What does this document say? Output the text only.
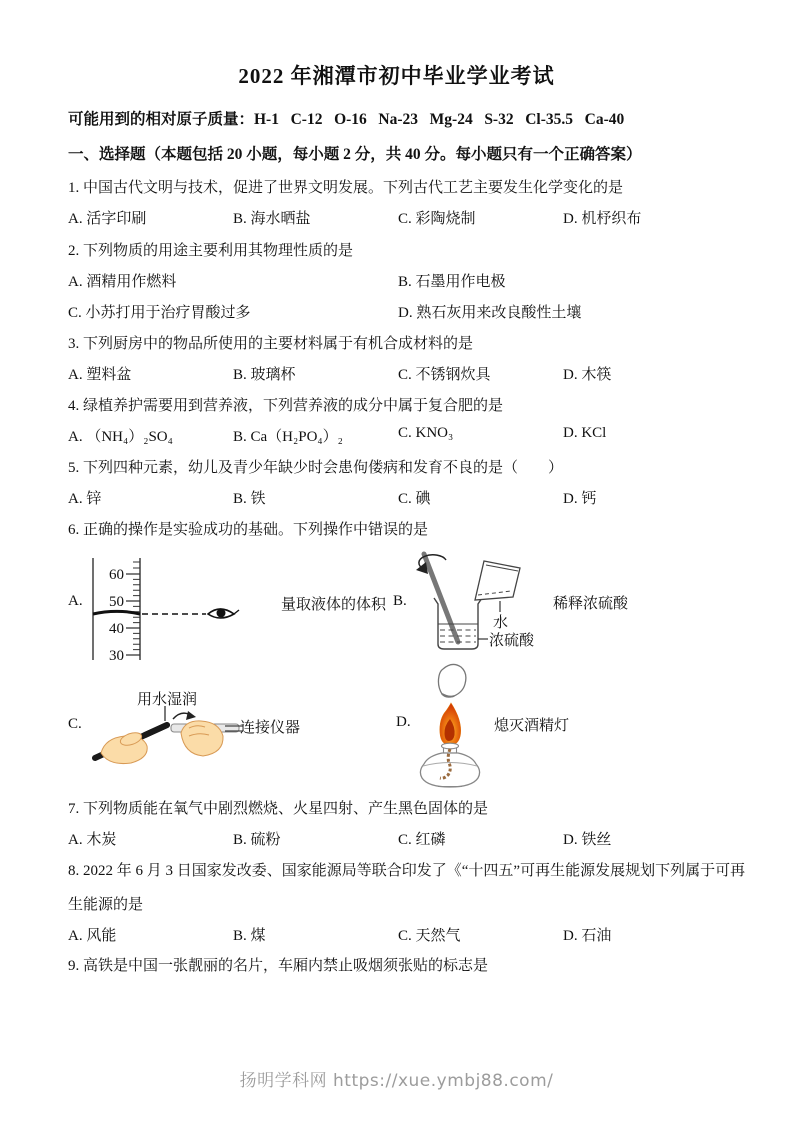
2022 年湘潭市初中毕业学业考试
可能用到的相对原子质量：H-1   C-12   O-16   Na-23   Mg-24   S-32   Cl-35.5   Ca-40
一、选择题（本题包括 20 小题，每小题 2 分，共 40 分。每小题只有一个正确答案）
1. 中国古代文明与技术，促进了世界文明发展。下列古代工艺主要发生化学变化的是
A. 活字印刷	B. 海水晒盐	C. 彩陶烧制	D. 机杼织布
2. 下列物质的用途主要利用其物理性质的是
A. 酒精用作燃料	B. 石墨用作电极
C. 小苏打用于治疗胃酸过多	D. 熟石灰用来改良酸性土壤
3. 下列厨房中的物品所使用的主要材料属于有机合成材料的是
A. 塑料盆	B. 玻璃杯	C. 不锈钢炊具	D. 木筷
4. 绿植养护需要用到营养液，下列营养液的成分中属于复合肥的是
A. （NH₄）₂SO₄	B. Ca（H₂PO₄）₂	C. KNO₃	D. KCl
5. 下列四种元素，幼儿及青少年缺少时会患佝偻病和发育不良的是（　　）
A. 锌	B. 铁	C. 碘	D. 钙
6. 正确的操作是实验成功的基础。下列操作中错误的是
A.
60
50
40
30
量取液体的体积 B.
水
浓硫酸
稀释浓硫酸
C.
用水湿润
连接仪器	D.	熄灭酒精灯
7. 下列物质能在氧气中剧烈燃烧、火星四射、产生黑色固体的是
A. 木炭	B. 硫粉	C. 红磷	D. 铁丝
8. 2022 年 6 月 3 日国家发改委、国家能源局等联合印发了《“十四五”可再生能源发展规划下列属于可再
生能源的是
A. 风能	B. 煤	C. 天然气	D. 石油
9. 高铁是中国一张靓丽的名片，车厢内禁止吸烟须张贴的标志是
扬明学科网 https://xue.ymbj88.com/
